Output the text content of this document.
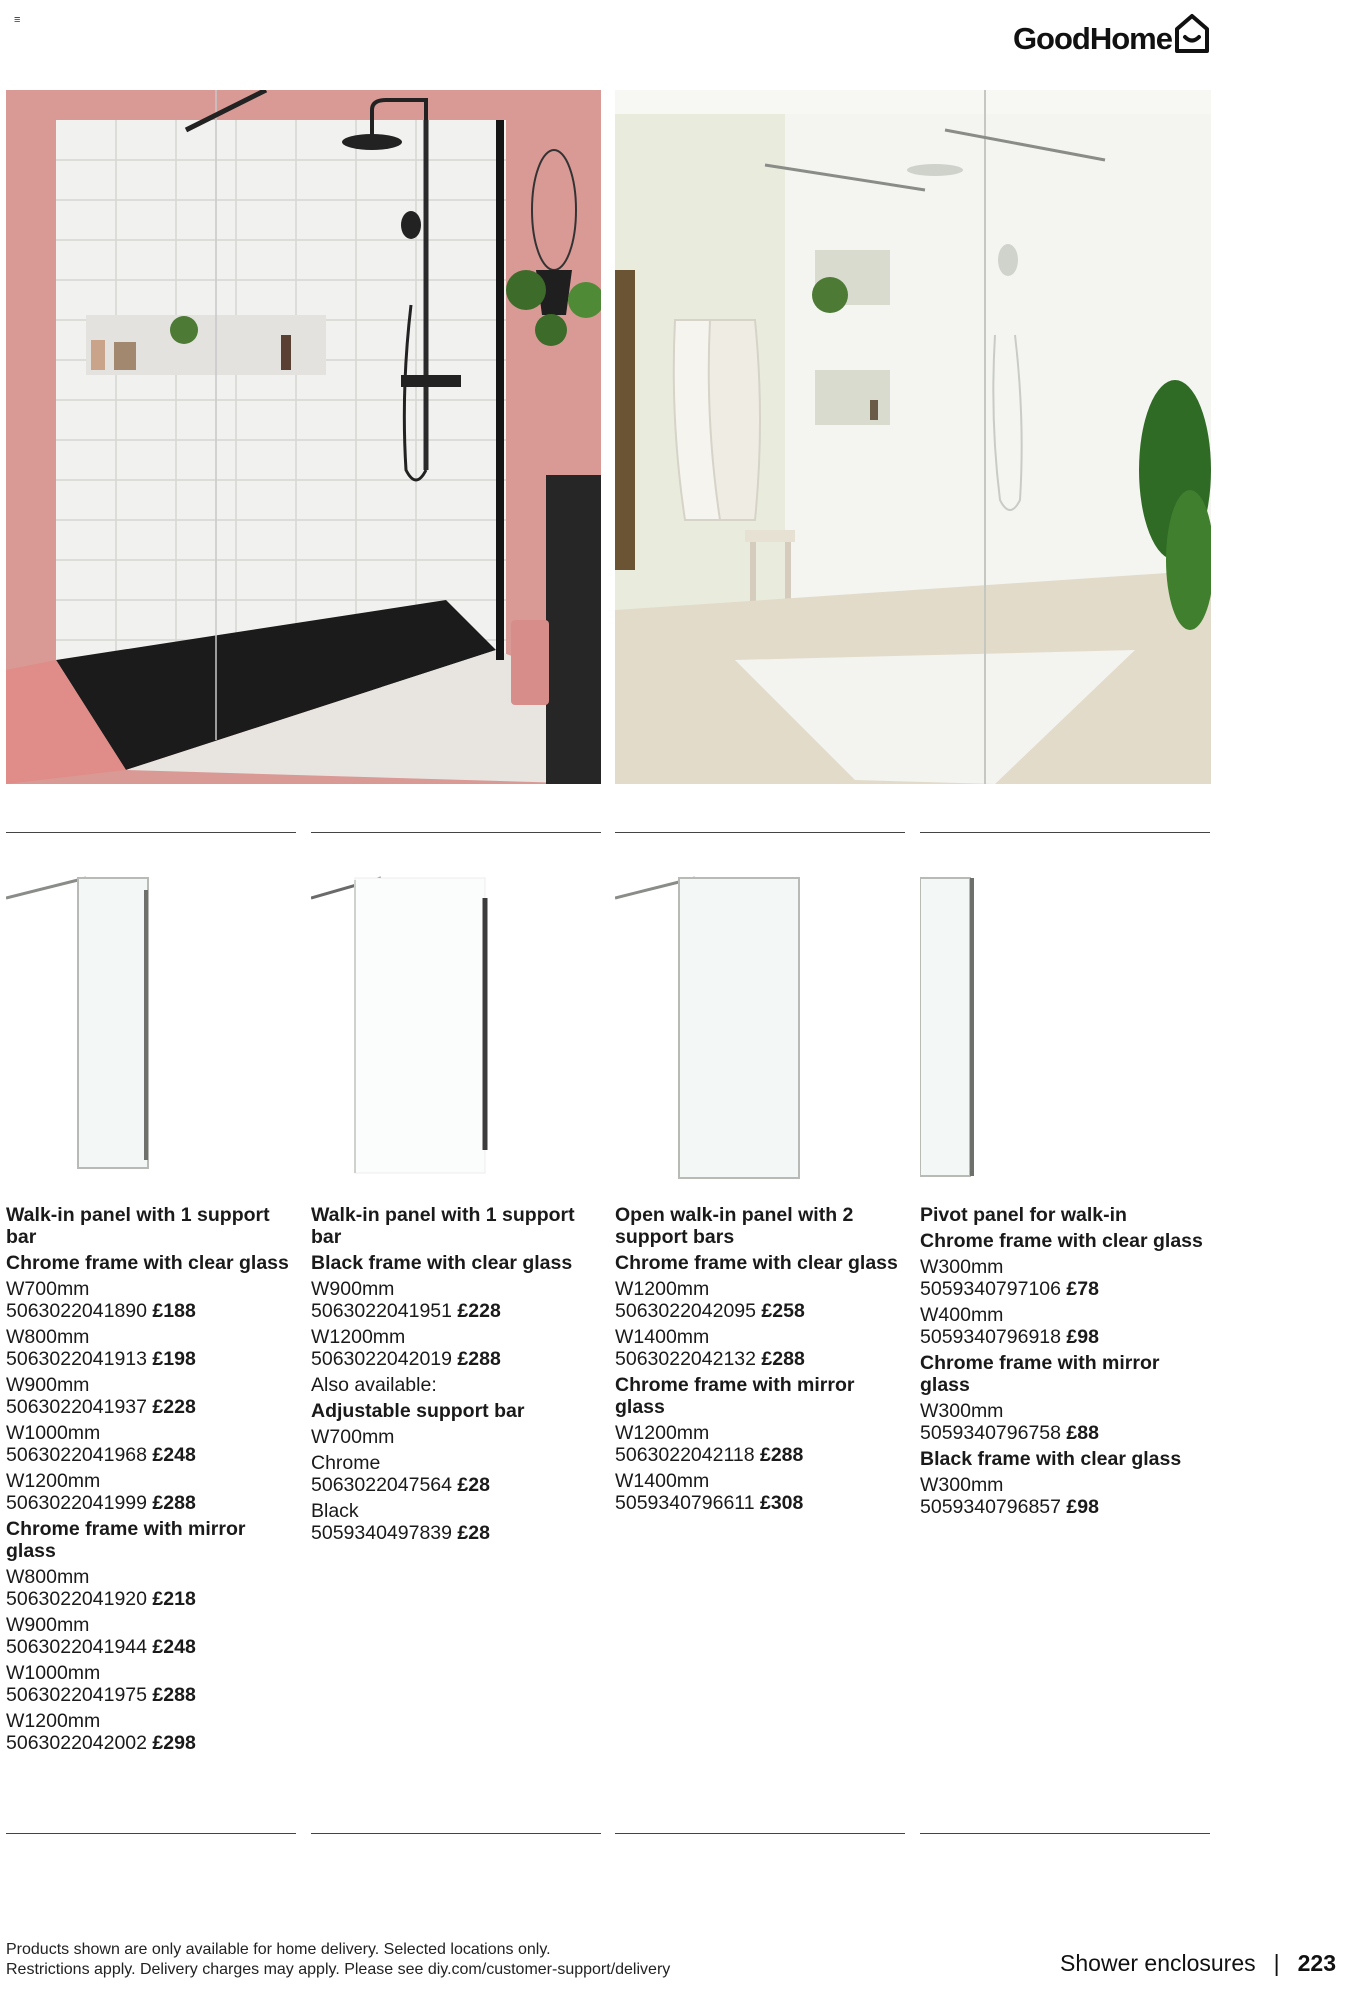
≡
GoodHome
Walk-in panel with 1 support bar
Chrome frame with clear glass
W700mm
5063022041890 £188
W800mm
5063022041913 £198
W900mm
5063022041937 £228
W1000mm
5063022041968 £248
W1200mm
5063022041999 £288
Chrome frame with mirror glass
W800mm
5063022041920 £218
W900mm
5063022041944 £248
W1000mm
5063022041975 £288
W1200mm
5063022042002 £298
Walk-in panel with 1 support bar
Black frame with clear glass
W900mm
5063022041951 £228
W1200mm
5063022042019 £288
Also available:
Adjustable support bar
W700mm
Chrome
5063022047564 £28
Black
5059340497839 £28
Open walk-in panel with 2 support bars
Chrome frame with clear glass
W1200mm
5063022042095 £258
W1400mm
5063022042132 £288
Chrome frame with mirror glass
W1200mm
5063022042118 £288
W1400mm
5059340796611 £308
Pivot panel for walk-in
Chrome frame with clear glass
W300mm
5059340797106 £78
W400mm
5059340796918 £98
Chrome frame with mirror glass
W300mm
5059340796758 £88
Black frame with clear glass
W300mm
5059340796857 £98
Products shown are only available for home delivery. Selected locations only.
Restrictions apply. Delivery charges may apply. Please see diy.com/customer-support/delivery	Shower enclosures | 223
